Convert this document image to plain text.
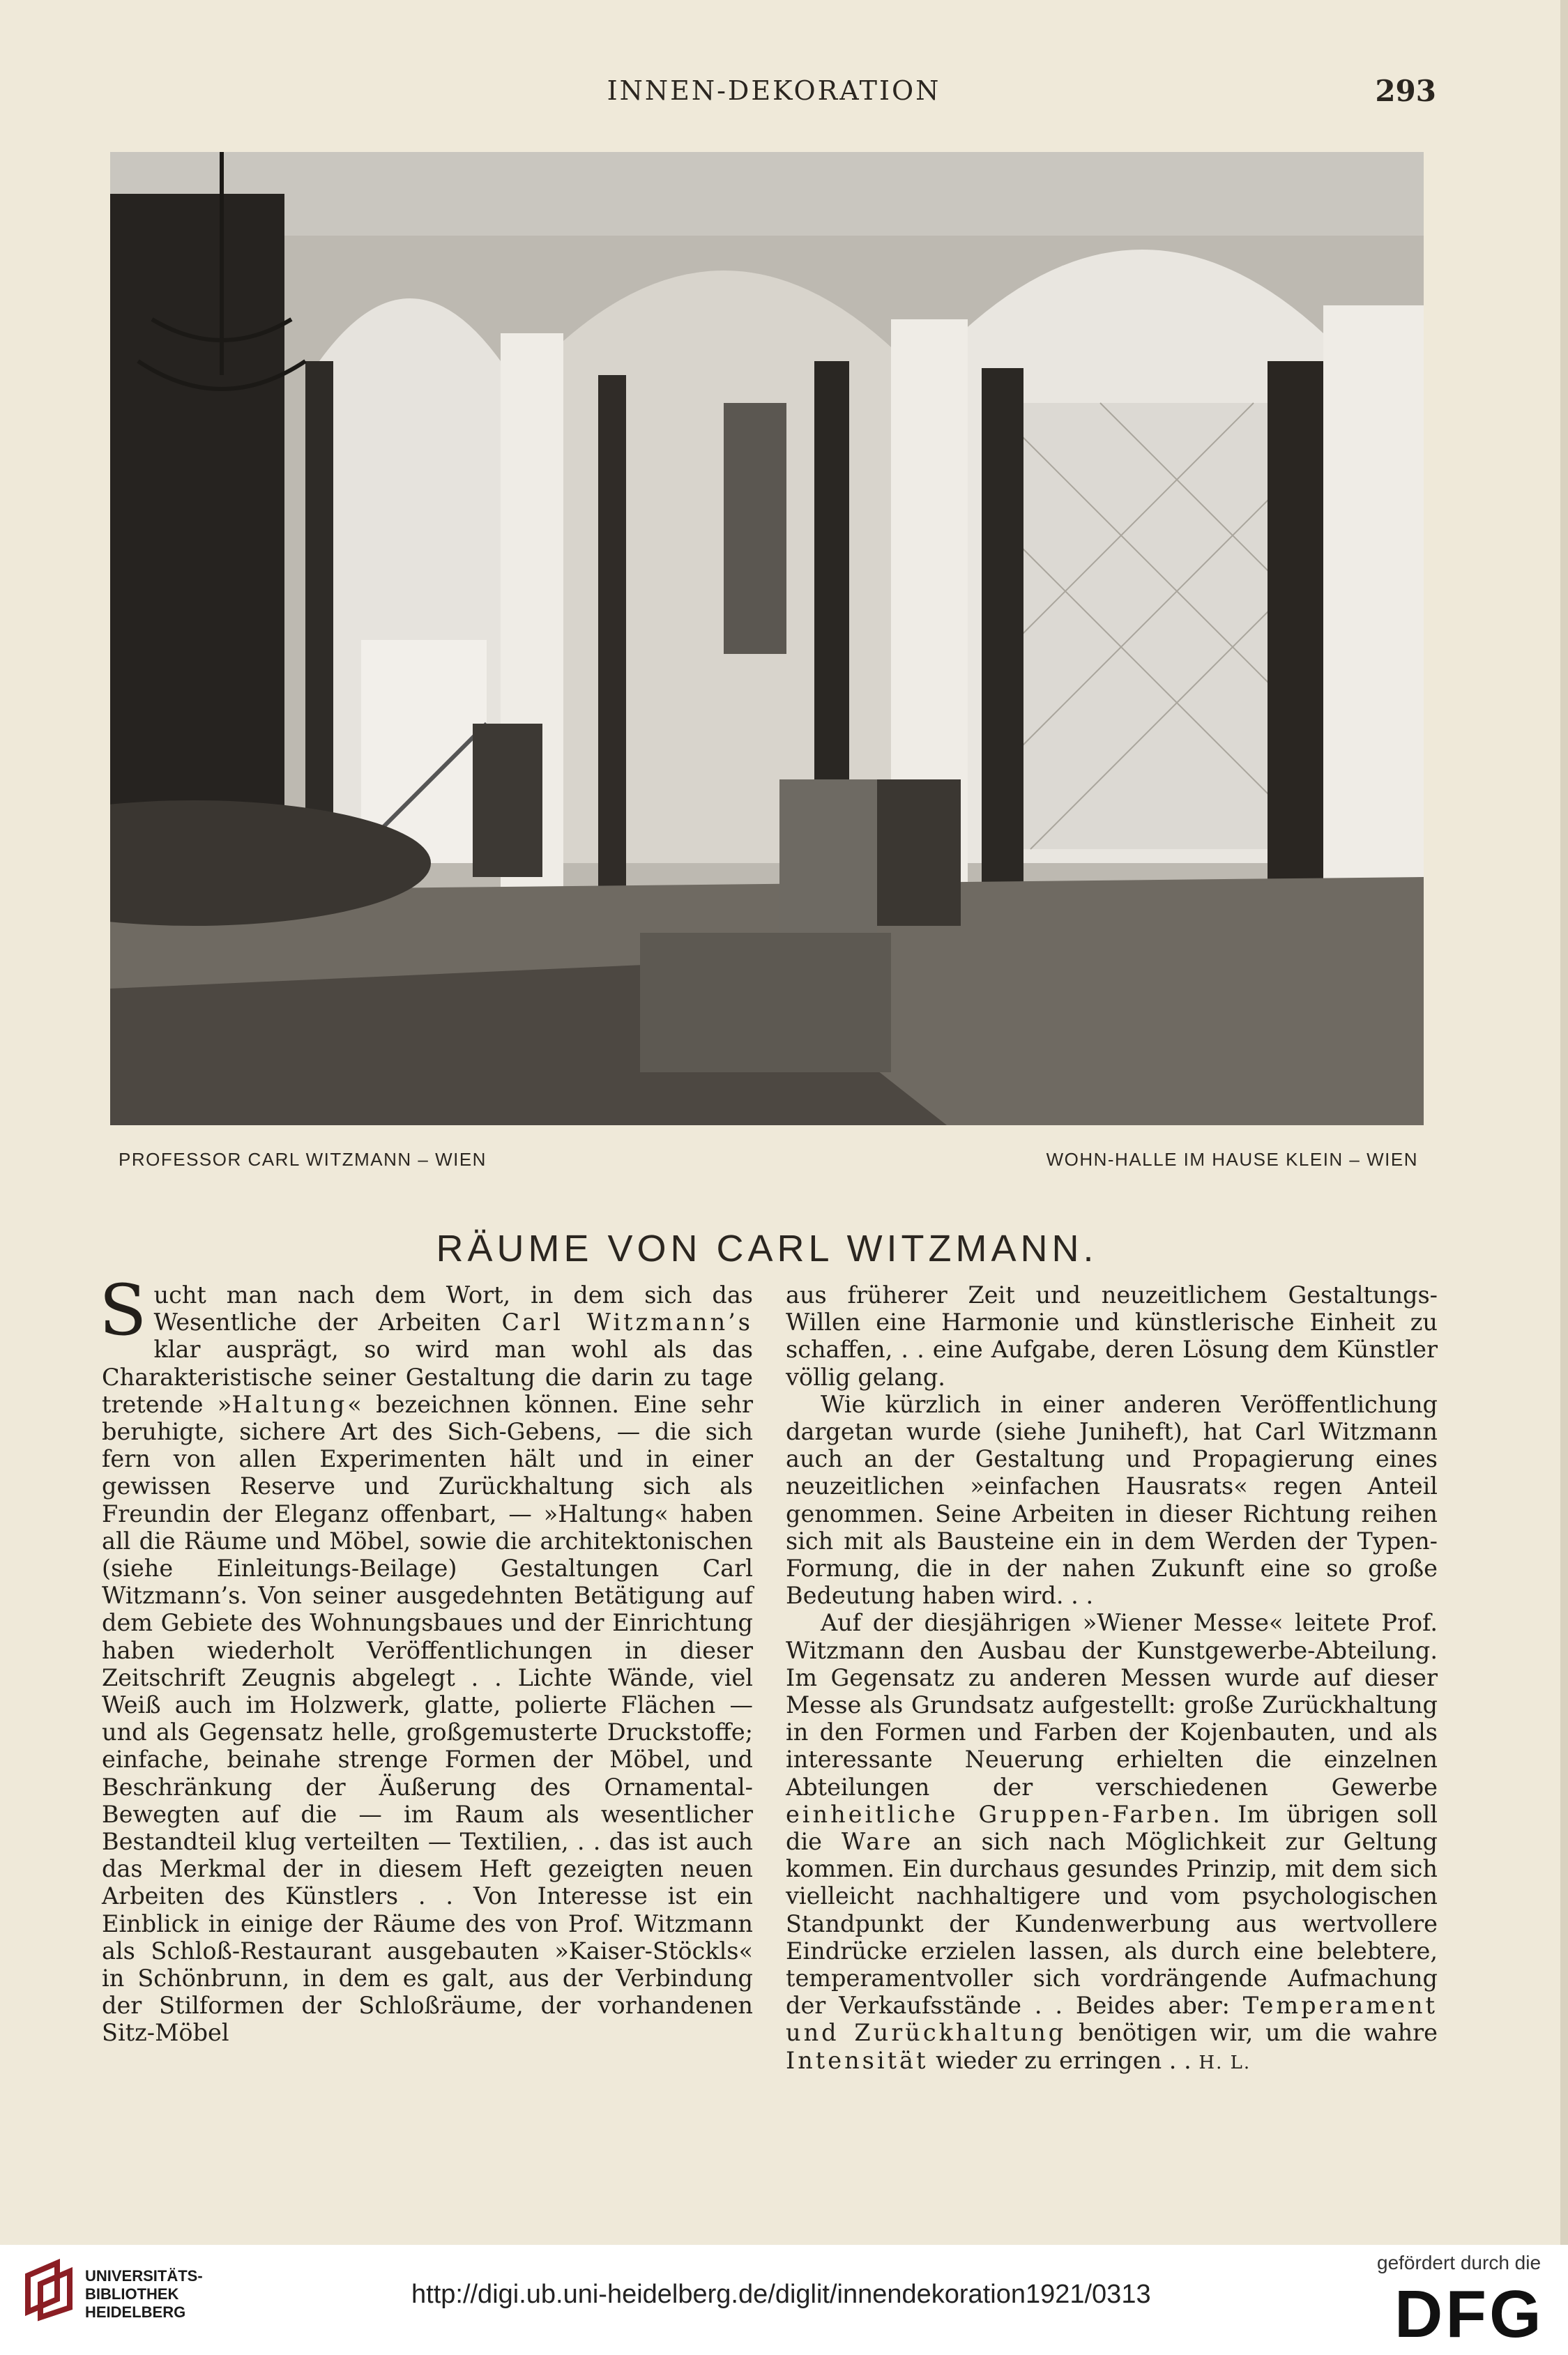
INNEN-DEKORATION	293
PROFESSOR CARL WITZMANN – WIEN	WOHN-HALLE IM HAUSE KLEIN – WIEN
RÄUME VON CARL WITZMANN.

Sucht man nach dem Wort, in dem sich das Wesentliche der Arbeiten Carl Witzmann’s klar ausprägt, so wird man wohl als das Charakteristische seiner Gestaltung die darin zu tage tretende »Haltung« bezeichnen können. Eine sehr beruhigte, sichere Art des Sich-Gebens, — die sich fern von allen Experimenten hält und in einer gewissen Reserve und Zurückhaltung sich als Freundin der Eleganz offenbart, — »Haltung« haben all die Räume und Möbel, sowie die architektonischen (siehe Einleitungs-Beilage) Gestaltungen Carl Witzmann’s. Von seiner ausgedehnten Betätigung auf dem Gebiete des Wohnungsbaues und der Einrichtung haben wiederholt Veröffentlichungen in dieser Zeitschrift Zeugnis abgelegt . . Lichte Wände, viel Weiß auch im Holzwerk, glatte, polierte Flächen — und als Gegensatz helle, großgemusterte Druckstoffe; einfache, beinahe strenge Formen der Möbel, und Beschränkung der Äußerung des Ornamental-Bewegten auf die — im Raum als wesentlicher Bestandteil klug verteilten — Textilien, . . das ist auch das Merkmal der in diesem Heft gezeigten neuen Arbeiten des Künstlers . . Von Interesse ist ein Einblick in einige der Räume des von Prof. Witzmann als Schloß-Restaurant ausgebauten »Kaiser-Stöckls« in Schönbrunn, in dem es galt, aus der Verbindung der Stilformen der Schloßräume, der vorhandenen Sitz-Möbel

aus früherer Zeit und neuzeitlichem Gestaltungs-Willen eine Harmonie und künstlerische Einheit zu schaffen, . . eine Aufgabe, deren Lösung dem Künstler völlig gelang.

Wie kürzlich in einer anderen Veröffentlichung dargetan wurde (siehe Juniheft), hat Carl Witzmann auch an der Gestaltung und Propagierung eines neuzeitlichen »einfachen Hausrats« regen Anteil genommen. Seine Arbeiten in dieser Richtung reihen sich mit als Bausteine ein in dem Werden der Typen-Formung, die in der nahen Zukunft eine so große Bedeutung haben wird. . .

Auf der diesjährigen »Wiener Messe« leitete Prof. Witzmann den Ausbau der Kunstgewerbe-Abteilung. Im Gegensatz zu anderen Messen wurde auf dieser Messe als Grundsatz aufgestellt: große Zurückhaltung in den Formen und Farben der Kojenbauten, und als interessante Neuerung erhielten die einzelnen Abteilungen der verschiedenen Gewerbe einheitliche Gruppen-Farben. Im übrigen soll die Ware an sich nach Möglichkeit zur Geltung kommen. Ein durchaus gesundes Prinzip, mit dem sich vielleicht nachhaltigere und vom psychologischen Standpunkt der Kundenwerbung aus wertvollere Eindrücke erzielen lassen, als durch eine belebtere, temperamentvoller sich vordrängende Aufmachung der Verkaufsstände . . Beides aber: Temperament und Zurückhaltung benötigen wir, um die wahre Intensität wieder zu erringen . . H. L.

UNIVERSITÄTS-
BIBLIOTHEK
HEIDELBERG
http://digi.ub.uni-heidelberg.de/diglit/innendekoration1921/0313
gefördert durch die
DFG
